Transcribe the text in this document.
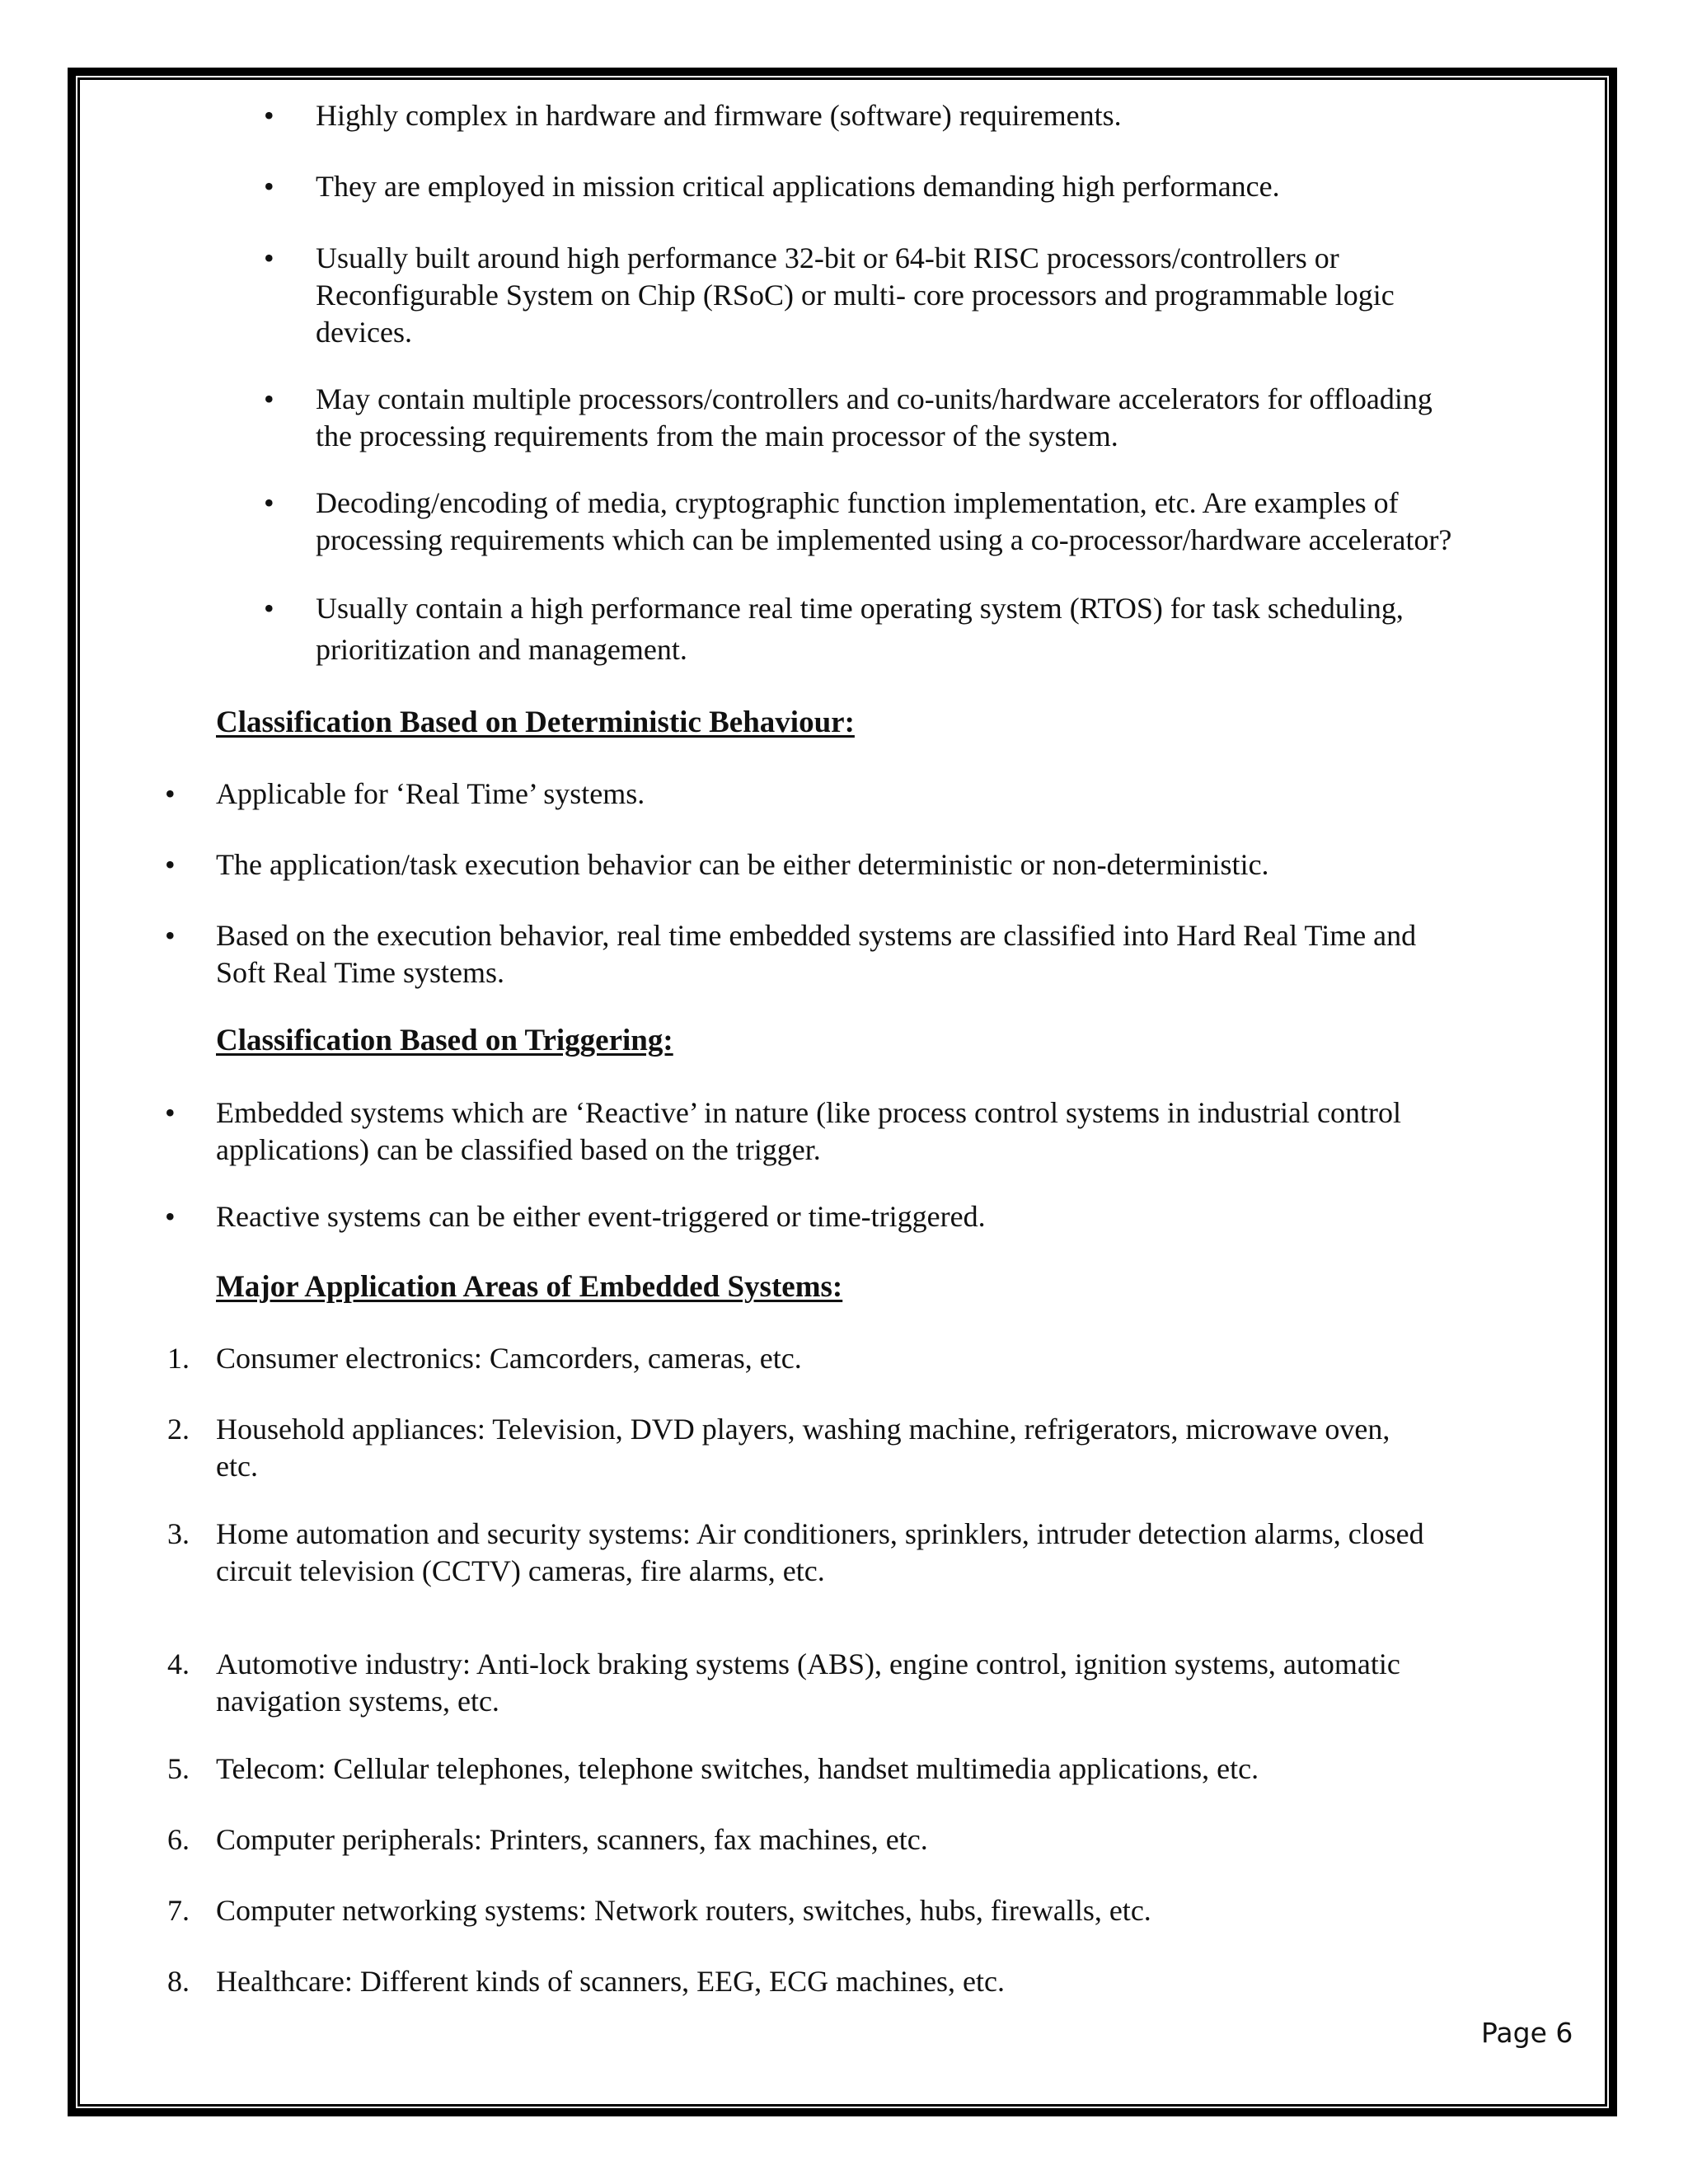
• Highly complex in hardware and firmware (software) requirements.
• They are employed in mission critical applications demanding high performance.
• Usually built around high performance 32-bit or 64-bit RISC processors/controllers or
Reconfigurable System on Chip (RSoC) or multi- core processors and programmable logic
devices.
• May contain multiple processors/controllers and co-units/hardware accelerators for offloading
the processing requirements from the main processor of the system.
• Decoding/encoding of media, cryptographic function implementation, etc. Are examples of
processing requirements which can be implemented using a co-processor/hardware accelerator?
• Usually contain a high performance real time operating system (RTOS) for task scheduling,
prioritization and management.
Classification Based on Deterministic Behaviour:
• Applicable for ‘Real Time’ systems.
• The application/task execution behavior can be either deterministic or non-deterministic.
• Based on the execution behavior, real time embedded systems are classified into Hard Real Time and
Soft Real Time systems.
Classification Based on Triggering:
• Embedded systems which are ‘Reactive’ in nature (like process control systems in industrial control
applications) can be classified based on the trigger.
• Reactive systems can be either event-triggered or time-triggered.
Major Application Areas of Embedded Systems:
1. Consumer electronics: Camcorders, cameras, etc.
2. Household appliances: Television, DVD players, washing machine, refrigerators, microwave oven,
etc.
3. Home automation and security systems: Air conditioners, sprinklers, intruder detection alarms, closed
circuit television (CCTV) cameras, fire alarms, etc.
4. Automotive industry: Anti-lock braking systems (ABS), engine control, ignition systems, automatic
navigation systems, etc.
5. Telecom: Cellular telephones, telephone switches, handset multimedia applications, etc.
6. Computer peripherals: Printers, scanners, fax machines, etc.
7. Computer networking systems: Network routers, switches, hubs, firewalls, etc.
8. Healthcare: Different kinds of scanners, EEG, ECG machines, etc.
Page 6
